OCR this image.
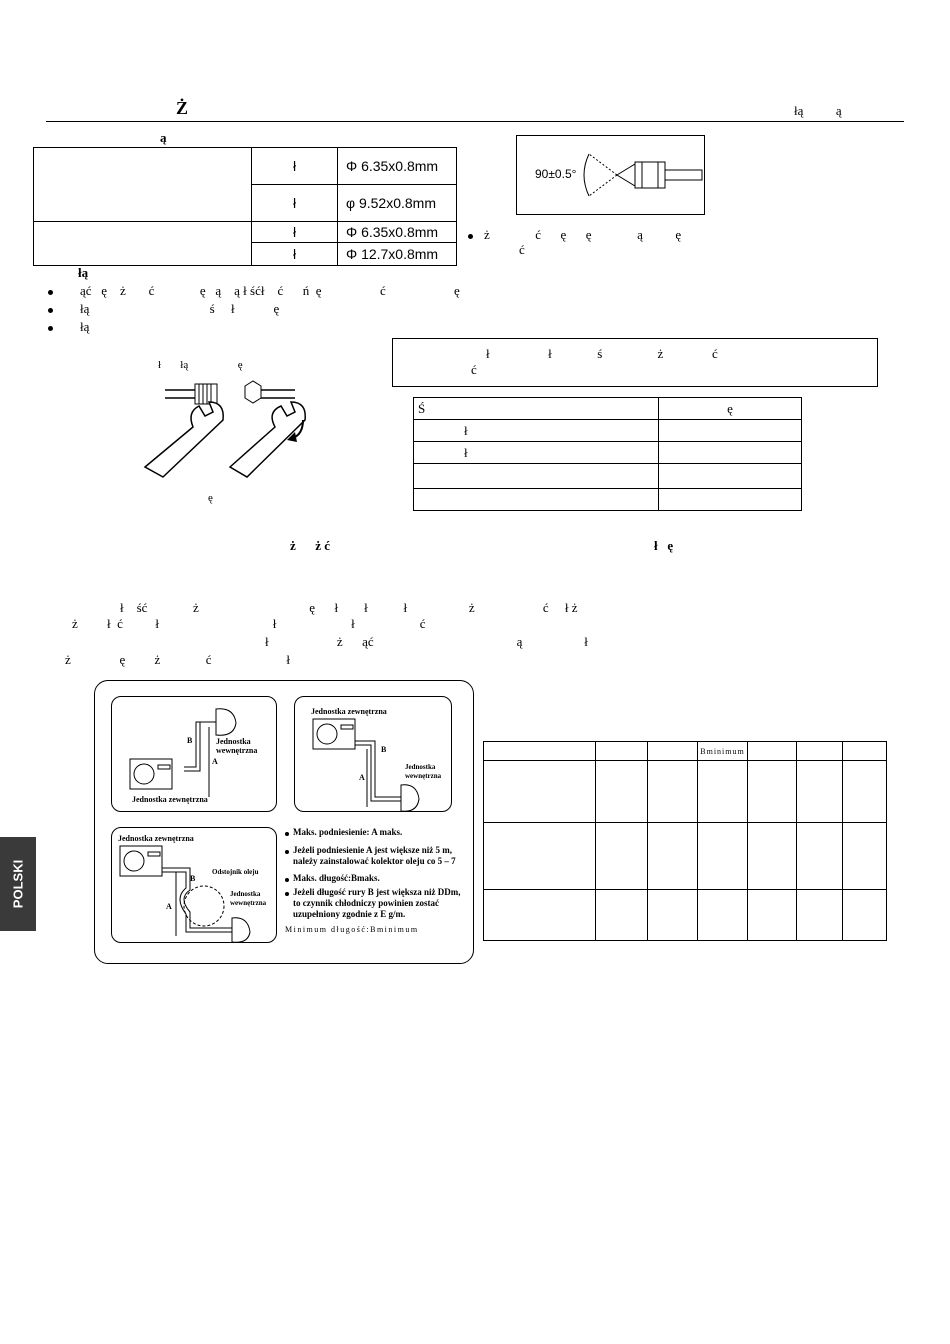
Ż	łą          ą
ą
	ł	Φ 6.35x0.8mm
	ł	φ 9.52x0.8mm
	ł	Φ 6.35x0.8mm
	ł	Φ 12.7x0.8mm
90±0.5°
ż              ć      ę      ę              ą          ę
ć
łą
ąć   ę    ż       ć              ę   ą    ą ł śćł    ć      ń  ę                  ć                     ę
łą                                     ś     ł            ę
łą
ł       łą                  ę
ę
ł                  ł              ś                 ż               ć
ć
Ś	ę
ł	
ł	

ż      ż ć	ł   ę
ł    ść              ż                                  ę      ł        ł           ł                   ż                     ć     ł ż
ż         ł  ć          ł                                   ł                       ł                    ć
ł                     ż      ąć                                            ą                   ł
ż               ę         ż              ć                       ł
B
A
Jednostka
wewnętrzna
Jednostka zewnętrzna
Jednostka zewnętrzna
B
A
Jednostka
wewnętrzna
Jednostka zewnętrzna
Odstojnik oleju
B
A
Jednostka
wewnętrzna
Maks. podniesienie: A maks.
Jeżeli podniesienie A jest większe niż 5 m,
należy zainstalować kolektor oleju co 5 – 7
Maks. długość:Bmaks.
Jeżeli długość rury B jest większa niż DDm,
to czynnik chłodniczy powinien zostać
uzupełniony zgodnie z E g/m.
Minimum długość:Bminimum
			Bminimum			

POLSKI
